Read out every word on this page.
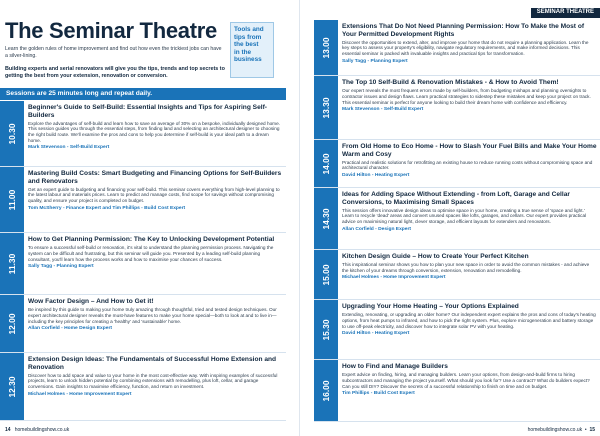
The Seminar Theatre
Learn the golden rules of home improvement and find out how even the trickiest jobs can have a silver-lining.
Building experts and serial renovators will give you the tips, trends and top secrets to getting the best from your extension, renovation or conversion.
Tools and
tips from
the best
in the
business
Sessions are 25 minutes long and repeat daily.
10.30
Beginner's Guide to Self-Build: Essential Insights and Tips for Aspiring Self-Builders
Explore the advantages of self-build and learn how to save an average of 30% on a bespoke, individually designed home. This session guides you through the essential steps, from finding land and selecting an architectural designer to choosing the right build route. We'll examine the pros and cons to help you determine if self-build is your ideal path to a dream home.
Mark Stevenson - Self-Build Expert
11.00
Mastering Build Costs: Smart Budgeting and Financing Options for Self-Builders and Renovators
Get an expert guide to budgeting and financing your self-build. This seminar covers everything from high-level planning to the latest labour and materials prices. Learn to predict and manage costs, find scope for savings without compromising quality, and ensure your project is completed on budget.
Tom McSherry - Finance Expert and Tim Phillips - Build Cost Expert
11.30
How to Get Planning Permission: The Key to Unlocking Development Potential
To ensure a successful self-build or renovation, it's vital to understand the planning permission process. Navigating the system can be difficult and frustrating, but this seminar will guide you. Presented by a leading self-build planning consultant, you'll learn how the process works and how to maximise your chances of success.
Sally Tagg - Planning Expert
12.00
Wow Factor Design – And How to Get it!
Be inspired by this guide to making your home truly amazing through thoughtful, tried and tested design techniques. Our expert architectural designer reveals the must-have features to make your home special—both to look at and to live in—including the key principles for creating a 'healthy' and 'sustainable' home.
Allan Corfield - Home Design Expert
12.30
Extension Design Ideas: The Fundamentals of Successful Home Extension and Renovation
Discover how to add space and value to your home in the most cost-effective way. With inspiring examples of successful projects, learn to unlock hidden potential by combining extensions with remodelling, plus loft, cellar, and garage conversions. Gain insights to maximise efficiency, function, and return on investment.
Michael Holmes - Home Improvement Expert
14 homebuildingshow.co.uk
SEMINAR THEATRE
13.00
Extensions That Do Not Need Planning Permission: How To Make the Most of Your Permitted Development Rights
Discover the opportunities to extend, alter, and improve your home that do not require a planning application. Learn the key steps to assess your property's eligibility, navigate regulatory requirements, and make informed decisions. This essential seminar is packed with invaluable insights and practical tips for transformation.
Sally Tagg - Planning Expert
13.30
The Top 10 Self-Build & Renovation Mistakes - & How to Avoid Them!
Our expert reveals the most frequent errors made by self-builders, from budgeting mishaps and planning oversights to contractor issues and design flaws. Learn practical strategies to sidestep these mistakes and keep your project on track. This essential seminar is perfect for anyone looking to build their dream home with confidence and efficiency.
Mark Stevenson - Self-Build Expert
14.00
From Old Home to Eco Home - How to Slash Your Fuel Bills and Make Your Home Warm and Cosy
Practical and realistic solutions for retrofitting an existing house to reduce running costs without compromising space and architectural character.
David Hilton - Heating Expert
14.30
Ideas for Adding Space Without Extending - from Loft, Garage and Cellar Conversions, to Maximising Small Spaces
This session offers innovative design ideas to optimise space in your home, creating a true sense of 'space and light.' Learn to recycle 'dead' areas and convert unused spaces like lofts, garages, and cellars. Our expert provides practical advice on maximising natural light, clever storage, and efficient layouts for extenders and renovators.
Allan Corfield - Design Expert
15.00
Kitchen Design Guide – How to Create Your Perfect Kitchen
This inspirational seminar shows you how to plan your new space in order to avoid the common mistakes - and achieve the kitchen of your dreams through conversion, extension, renovation and remodelling.
Michael Holmes - Home Improvement Expert
15.30
Upgrading Your Home Heating – Your Options Explained
Extending, renovating, or upgrading an older home? Our independent expert explains the pros and cons of today's heating options, from heat pumps to infrared, and how to pick the right system. Plus, explore microgeneration and battery storage to use off-peak electricity, and discover how to integrate solar PV with your heating.
David Hilton - Heating Expert
16.00
How to Find and Manage Builders
Expert advice on finding, hiring, and managing builders. Learn your options, from design-and-build firms to hiring subcontractors and managing the project yourself. What should you look for? Use a contract? What do builders expect? Can you still DIY? Discover the secrets of a successful relationship to finish on time and on budget.
Tim Phillips - Build Cost Expert
homebuildingshow.co.uk  •  15
